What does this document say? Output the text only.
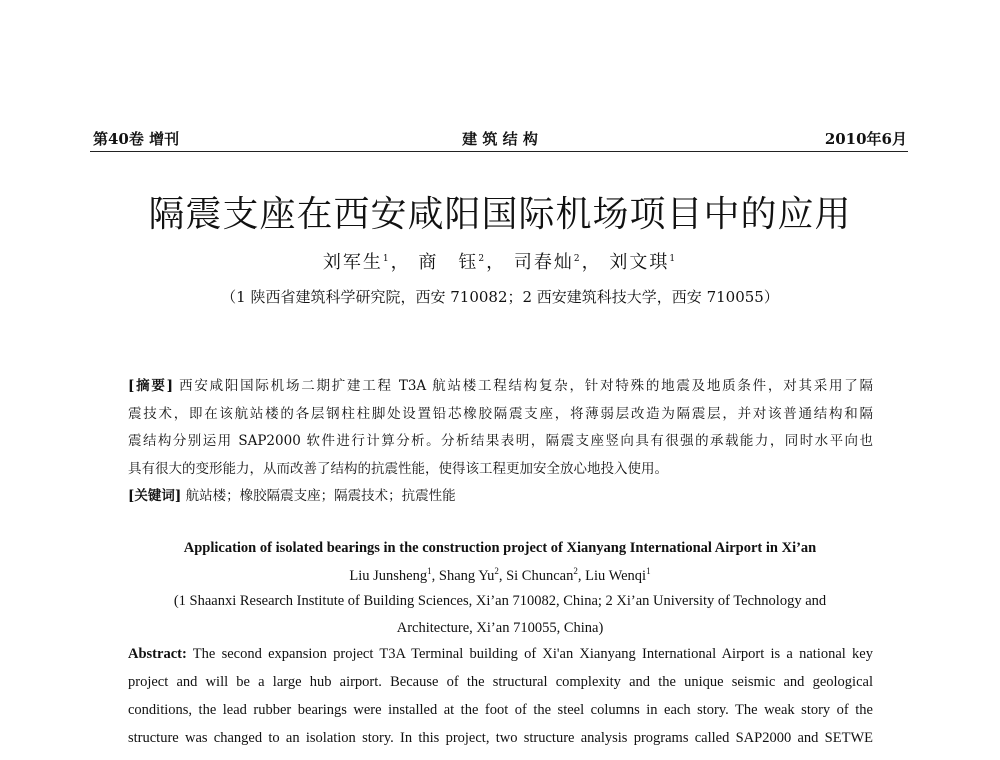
第40卷 增刊	建 筑 结 构	2010年6月
隔震支座在西安咸阳国际机场项目中的应用
刘军生$^1$， 商　钰$^2$， 司春灿$^2$， 刘文琪$^1$
（1 陕西省建筑科学研究院，西安 710082；2 西安建筑科技大学，西安 710055）
[摘要] 西安咸阳国际机场二期扩建工程 T3A 航站楼工程结构复杂，针对特殊的地震及地质条件，对其采用了隔
震技术，即在该航站楼的各层钢柱柱脚处设置铅芯橡胶隔震支座，将薄弱层改造为隔震层，并对该普通结构和隔
震结构分别运用 SAP2000 软件进行计算分析。分析结果表明，隔震支座竖向具有很强的承载能力，同时水平向也
具有很大的变形能力，从而改善了结构的抗震性能，使得该工程更加安全放心地投入使用。
[关键词] 航站楼；橡胶隔震支座；隔震技术；抗震性能
Application of isolated bearings in the construction project of Xianyang International Airport in Xi’an
Liu Junsheng$^1$, Shang Yu$^2$, Si Chuncan$^2$, Liu Wenqi$^1$
(1 Shaanxi Research Institute of Building Sciences, Xi’an 710082, China; 2 Xi’an University of Technology and
Architecture, Xi’an 710055, China)
Abstract: The second expansion project T3A Terminal building of Xi'an Xianyang International Airport is a national key
project and will be a large hub airport. Because of the structural complexity and the unique seismic and geological
conditions, the lead rubber bearings were installed at the foot of the steel columns in each story. The weak story of the
structure was changed to an isolation story. In this project, two structure analysis programs called SAP2000 and SETWE
